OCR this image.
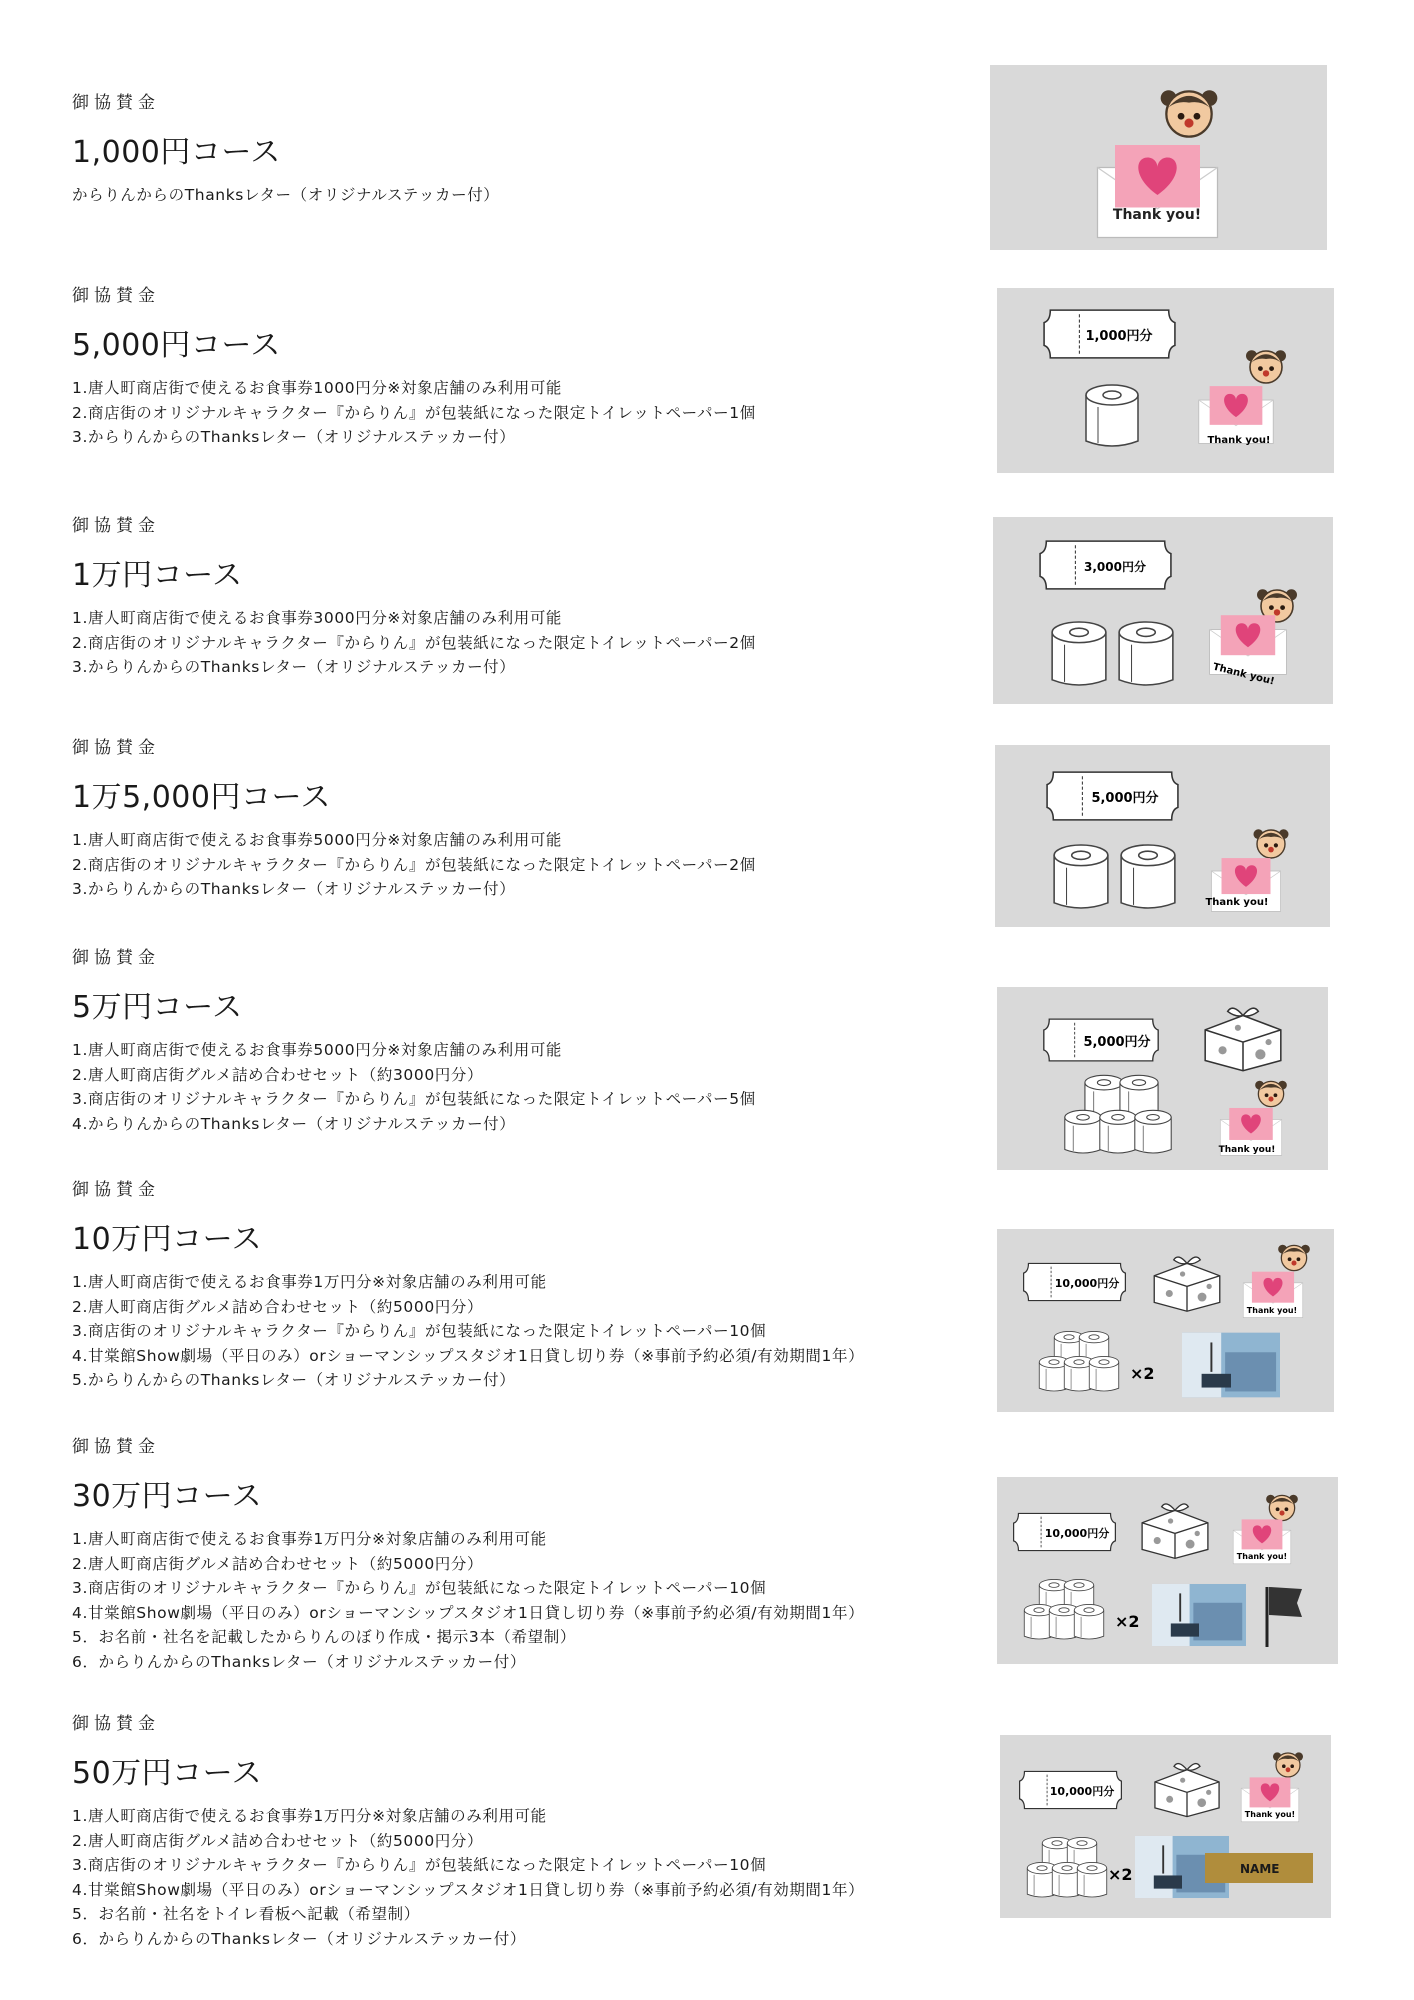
御協賛金
1,000円コース
からりんからのThanksレター（オリジナルステッカー付）
御協賛金
5,000円コース
1.唐人町商店街で使えるお食事券1000円分※対象店舗のみ利用可能
2.商店街のオリジナルキャラクター『からりん』が包装紙になった限定トイレットペーパー1個
3.からりんからのThanksレター（オリジナルステッカー付）
御協賛金
1万円コース
1.唐人町商店街で使えるお食事券3000円分※対象店舗のみ利用可能
2.商店街のオリジナルキャラクター『からりん』が包装紙になった限定トイレットペーパー2個
3.からりんからのThanksレター（オリジナルステッカー付）
御協賛金
1万5,000円コース
1.唐人町商店街で使えるお食事券5000円分※対象店舗のみ利用可能
2.商店街のオリジナルキャラクター『からりん』が包装紙になった限定トイレットペーパー2個
3.からりんからのThanksレター（オリジナルステッカー付）
御協賛金
5万円コース
1.唐人町商店街で使えるお食事券5000円分※対象店舗のみ利用可能
2.唐人町商店街グルメ詰め合わせセット（約3000円分）
3.商店街のオリジナルキャラクター『からりん』が包装紙になった限定トイレットペーパー5個
4.からりんからのThanksレター（オリジナルステッカー付）
御協賛金
10万円コース
1.唐人町商店街で使えるお食事券1万円分※対象店舗のみ利用可能
2.唐人町商店街グルメ詰め合わせセット（約5000円分）
3.商店街のオリジナルキャラクター『からりん』が包装紙になった限定トイレットペーパー10個
4.甘棠館Show劇場（平日のみ）orショーマンシップスタジオ1日貸し切り券（※事前予約必須/有効期間1年）
5.からりんからのThanksレター（オリジナルステッカー付）
御協賛金
30万円コース
1.唐人町商店街で使えるお食事券1万円分※対象店舗のみ利用可能
2.唐人町商店街グルメ詰め合わせセット（約5000円分）
3.商店街のオリジナルキャラクター『からりん』が包装紙になった限定トイレットペーパー10個
4.甘棠館Show劇場（平日のみ）orショーマンシップスタジオ1日貸し切り券（※事前予約必須/有効期間1年）
5．お名前・社名を記載したからりんのぼり作成・掲示3本（希望制）
6．からりんからのThanksレター（オリジナルステッカー付）
御協賛金
50万円コース
1.唐人町商店街で使えるお食事券1万円分※対象店舗のみ利用可能
2.唐人町商店街グルメ詰め合わせセット（約5000円分）
3.商店街のオリジナルキャラクター『からりん』が包装紙になった限定トイレットペーパー10個
4.甘棠館Show劇場（平日のみ）orショーマンシップスタジオ1日貸し切り券（※事前予約必須/有効期間1年）
5．お名前・社名をトイレ看板へ記載（希望制）
6．からりんからのThanksレター（オリジナルステッカー付）
Thank you!
1,000円分
Thank you!
3,000円分
Thank you!
5,000円分
Thank you!
5,000円分
Thank you!
10,000円分
Thank you!
×2
10,000円分
Thank you!
×2
10,000円分
Thank you!
×2	NAME
